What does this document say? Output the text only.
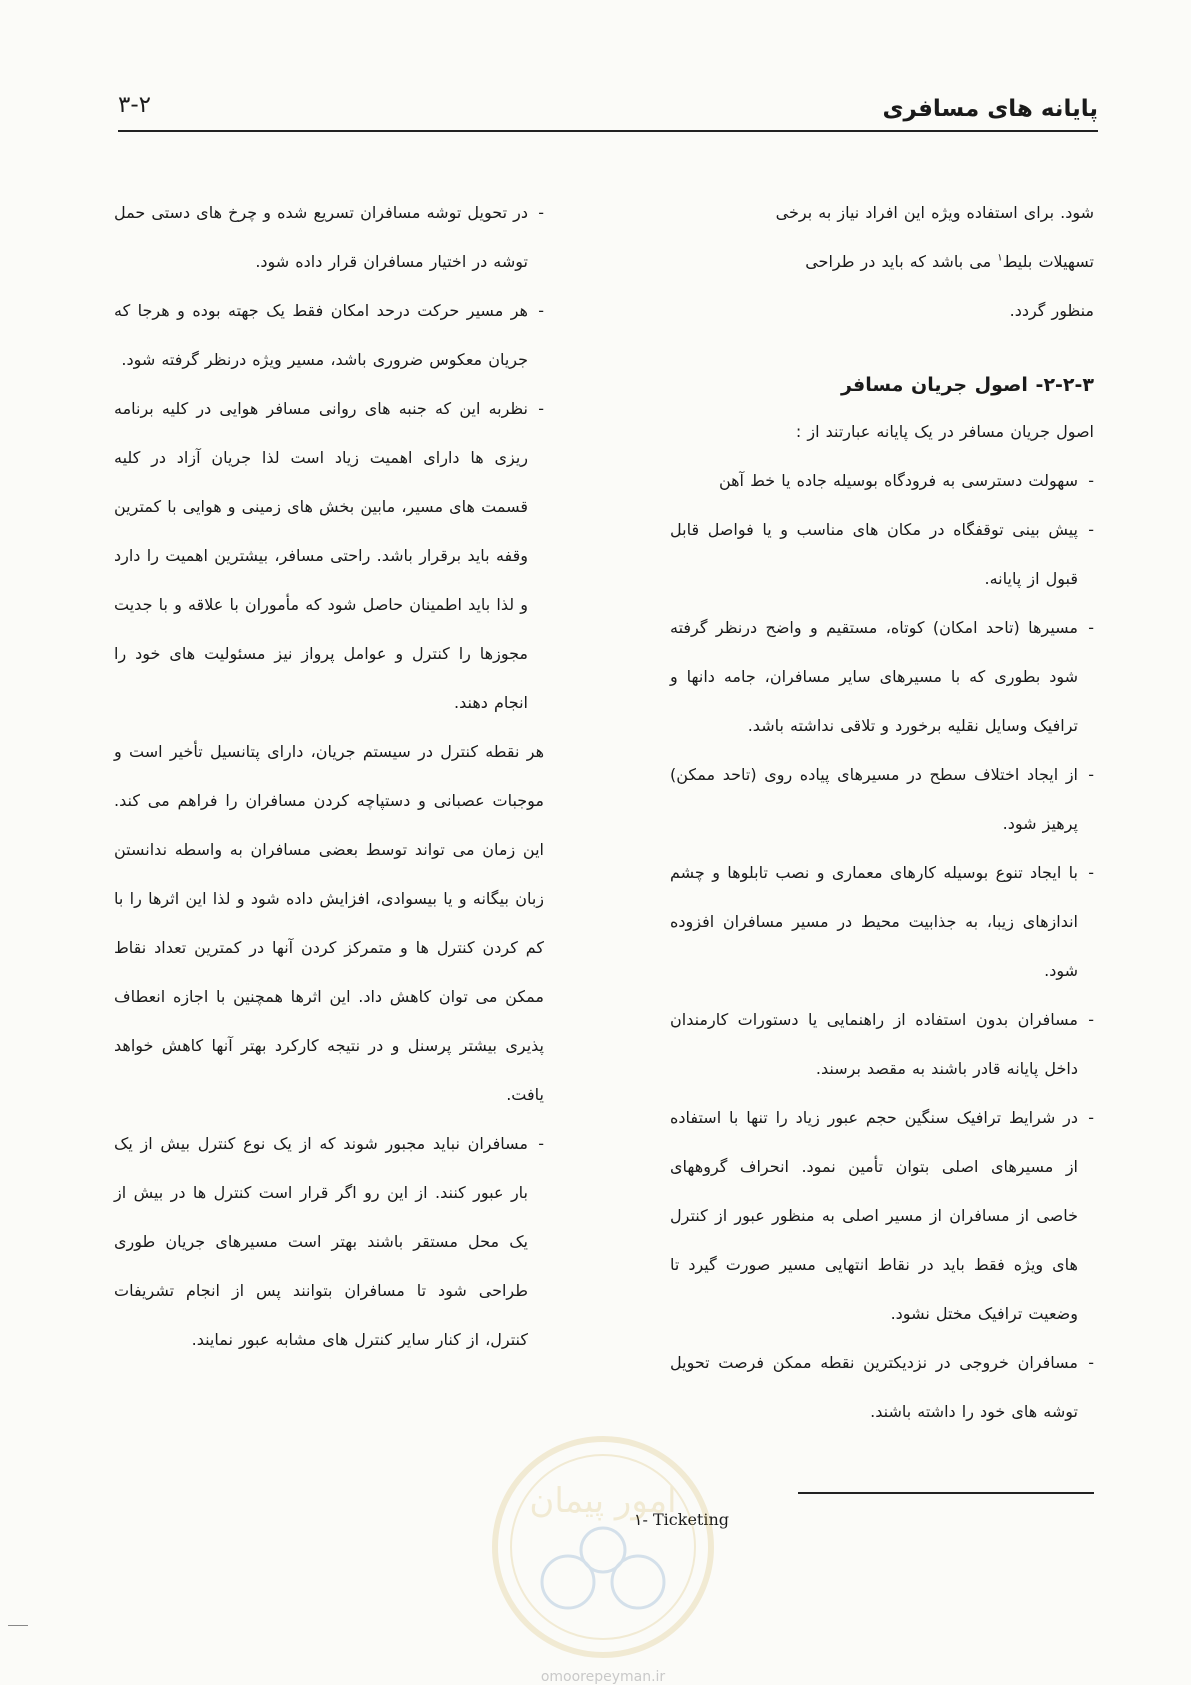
پایانه های مسافری
۳-۲

شود. برای استفاده ویژه این افراد نیاز به برخی

تسهیلات بلیط$^۱$ می باشد که باید در طراحی

منظور گردد.

۲-۲-۳- اصول جریان مسافر

اصول جریان مسافر در یک پایانه عبارتند از :

- سهولت دسترسی به فرودگاه بوسیله جاده یا خط آهن

- پیش بینی توقفگاه در مکان های مناسب و یا فواصل قابل قبول از پایانه.

- مسیرها (تاحد امکان) کوتاه، مستقیم و واضح درنظر گرفته شود بطوری که با مسیرهای سایر مسافران، جامه دانها و ترافیک وسایل نقلیه برخورد و تلاقی نداشته باشد.

- از ایجاد اختلاف سطح در مسیرهای پیاده روی (تاحد ممکن) پرهیز شود.

- با ایجاد تنوع بوسیله کارهای معماری و نصب تابلوها و چشم اندازهای زیبا، به جذابیت محیط در مسیر مسافران افزوده شود.

- مسافران بدون استفاده از راهنمایی یا دستورات کارمندان داخل پایانه قادر باشند به مقصد برسند.

- در شرایط ترافیک سنگین حجم عبور زیاد را تنها با استفاده از مسیرهای اصلی بتوان تأمین نمود. انحراف گروههای خاصی از مسافران از مسیر اصلی به منظور عبور از کنترل های ویژه فقط باید در نقاط انتهایی مسیر صورت گیرد تا وضعیت ترافیک مختل نشود.

- مسافران خروجی در نزدیکترین نقطه ممکن فرصت تحویل توشه های خود را داشته باشند.

- در تحویل توشه مسافران تسریع شده و چرخ های دستی حمل توشه در اختیار مسافران قرار داده شود.

- هر مسیر حرکت درحد امکان فقط یک جهته بوده و هرجا که جریان معکوس ضروری باشد، مسیر ویژه درنظر گرفته شود.

- نظربه این که جنبه های روانی مسافر هوایی در کلیه برنامه ریزی ها دارای اهمیت زیاد است لذا جریان آزاد در کلیه قسمت های مسیر، مابین بخش های زمینی و هوایی با کمترین وقفه باید برقرار باشد. راحتی مسافر، بیشترین اهمیت را دارد و لذا باید اطمینان حاصل شود که مأموران با علاقه و با جدیت مجوزها را کنترل و عوامل پرواز نیز مسئولیت های خود را انجام دهند.

هر نقطه کنترل در سیستم جریان، دارای پتانسیل تأخیر است و موجبات عصبانی و دستپاچه کردن مسافران را فراهم می کند. این زمان می تواند توسط بعضی مسافران به واسطه ندانستن زبان بیگانه و یا بیسوادی، افزایش داده شود و لذا این اثرها را با کم کردن کنترل ها و متمرکز کردن آنها در کمترین تعداد نقاط ممکن می توان کاهش داد. این اثرها همچنین با اجازه انعطاف پذیری بیشتر پرسنل و در نتیجه کارکرد بهتر آنها کاهش خواهد یافت.

- مسافران نباید مجبور شوند که از یک نوع کنترل بیش از یک بار عبور کنند. از این رو اگر قرار است کنترل ها در بیش از یک محل مستقر باشند بهتر است مسیرهای جریان طوری طراحی شود تا مسافران بتوانند پس از انجام تشریفات کنترل، از کنار سایر کنترل های مشابه عبور نمایند.

۱- Ticketing
امور پیمان
omoorepeyman.ir
